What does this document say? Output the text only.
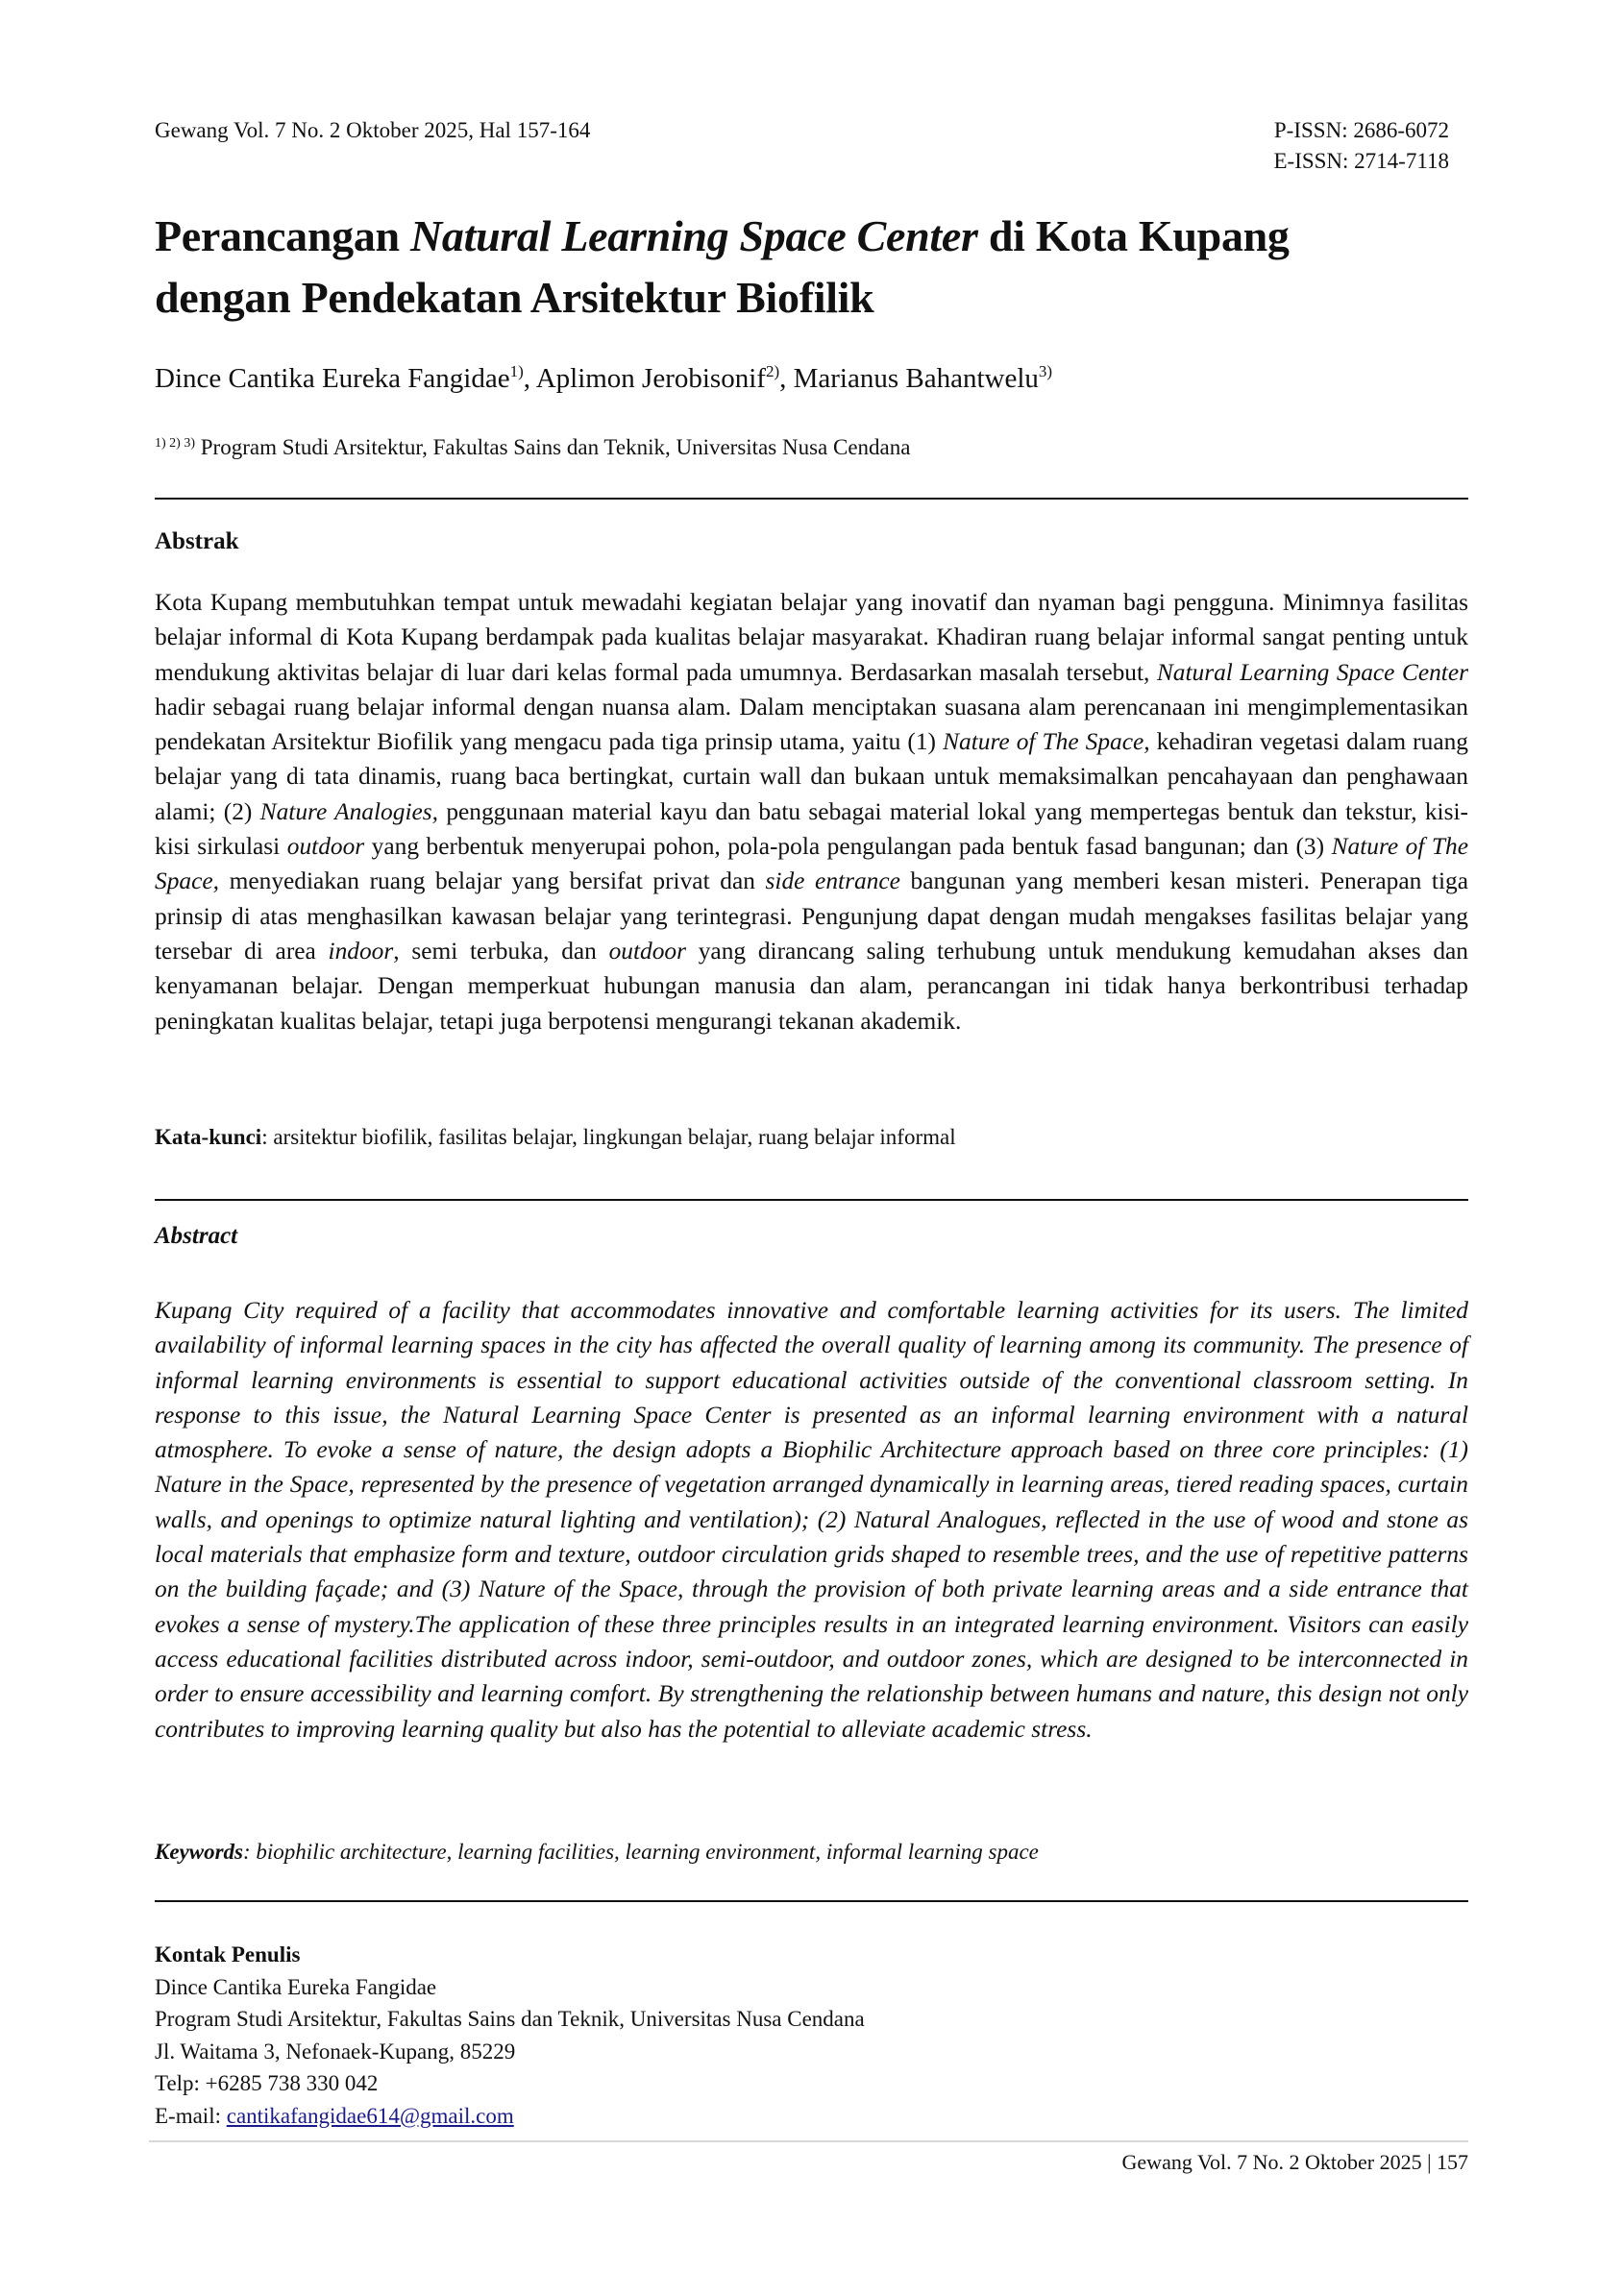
Gewang Vol. 7 No. 2 Oktober 2025, Hal 157-164	P-ISSN: 2686-6072
E-ISSN: 2714-7118
Perancangan Natural Learning Space Center di Kota Kupang
dengan Pendekatan Arsitektur Biofilik
Dince Cantika Eureka Fangidae$^{1)}$, Aplimon Jerobisonif$^{2)}$, Marianus Bahantwelu$^{3)}$
$^{1) 2) 3)}$ Program Studi Arsitektur, Fakultas Sains dan Teknik, Universitas Nusa Cendana
Abstrak
Kota Kupang membutuhkan tempat untuk mewadahi kegiatan belajar yang inovatif dan nyaman bagi pengguna. Minimnya fasilitas belajar informal di Kota Kupang berdampak pada kualitas belajar masyarakat. Khadiran ruang belajar informal sangat penting untuk mendukung aktivitas belajar di luar dari kelas formal pada umumnya. Berdasarkan masalah tersebut, Natural Learning Space Center hadir sebagai ruang belajar informal dengan nuansa alam. Dalam menciptakan suasana alam perencanaan ini mengimplementasikan pendekatan Arsitektur Biofilik yang mengacu pada tiga prinsip utama, yaitu (1) Nature of The Space, kehadiran vegetasi dalam ruang belajar yang di tata dinamis, ruang baca bertingkat, curtain wall dan bukaan untuk memaksimalkan pencahayaan dan penghawaan alami; (2) Nature Analogies, penggunaan material kayu dan batu sebagai material lokal yang mempertegas bentuk dan tekstur, kisi-kisi sirkulasi outdoor yang berbentuk menyerupai pohon, pola-pola pengulangan pada bentuk fasad bangunan; dan (3) Nature of The Space, menyediakan ruang belajar yang bersifat privat dan side entrance bangunan yang memberi kesan misteri. Penerapan tiga prinsip di atas menghasilkan kawasan belajar yang terintegrasi. Pengunjung dapat dengan mudah mengakses fasilitas belajar yang tersebar di area indoor, semi terbuka, dan outdoor yang dirancang saling terhubung untuk mendukung kemudahan akses dan kenyamanan belajar. Dengan memperkuat hubungan manusia dan alam, perancangan ini tidak hanya berkontribusi terhadap peningkatan kualitas belajar, tetapi juga berpotensi mengurangi tekanan akademik.
Kata-kunci: arsitektur biofilik, fasilitas belajar, lingkungan belajar, ruang belajar informal
Abstract
Kupang City required of a facility that accommodates innovative and comfortable learning activities for its users. The limited availability of informal learning spaces in the city has affected the overall quality of learning among its community. The presence of informal learning environments is essential to support educational activities outside of the conventional classroom setting. In response to this issue, the Natural Learning Space Center is presented as an informal learning environment with a natural atmosphere. To evoke a sense of nature, the design adopts a Biophilic Architecture approach based on three core principles: (1) Nature in the Space, represented by the presence of vegetation arranged dynamically in learning areas, tiered reading spaces, curtain walls, and openings to optimize natural lighting and ventilation); (2) Natural Analogues, reflected in the use of wood and stone as local materials that emphasize form and texture, outdoor circulation grids shaped to resemble trees, and the use of repetitive patterns on the building façade; and (3) Nature of the Space, through the provision of both private learning areas and a side entrance that evokes a sense of mystery.The application of these three principles results in an integrated learning environment. Visitors can easily access educational facilities distributed across indoor, semi-outdoor, and outdoor zones, which are designed to be interconnected in order to ensure accessibility and learning comfort. By strengthening the relationship between humans and nature, this design not only contributes to improving learning quality but also has the potential to alleviate academic stress.
Keywords: biophilic architecture, learning facilities, learning environment, informal learning space
Kontak Penulis
Dince Cantika Eureka Fangidae
Program Studi Arsitektur, Fakultas Sains dan Teknik, Universitas Nusa Cendana
Jl. Waitama 3, Nefonaek-Kupang, 85229
Telp: +6285 738 330 042
E-mail: cantikafangidae614@gmail.com
Gewang Vol. 7 No. 2 Oktober 2025 | 157
